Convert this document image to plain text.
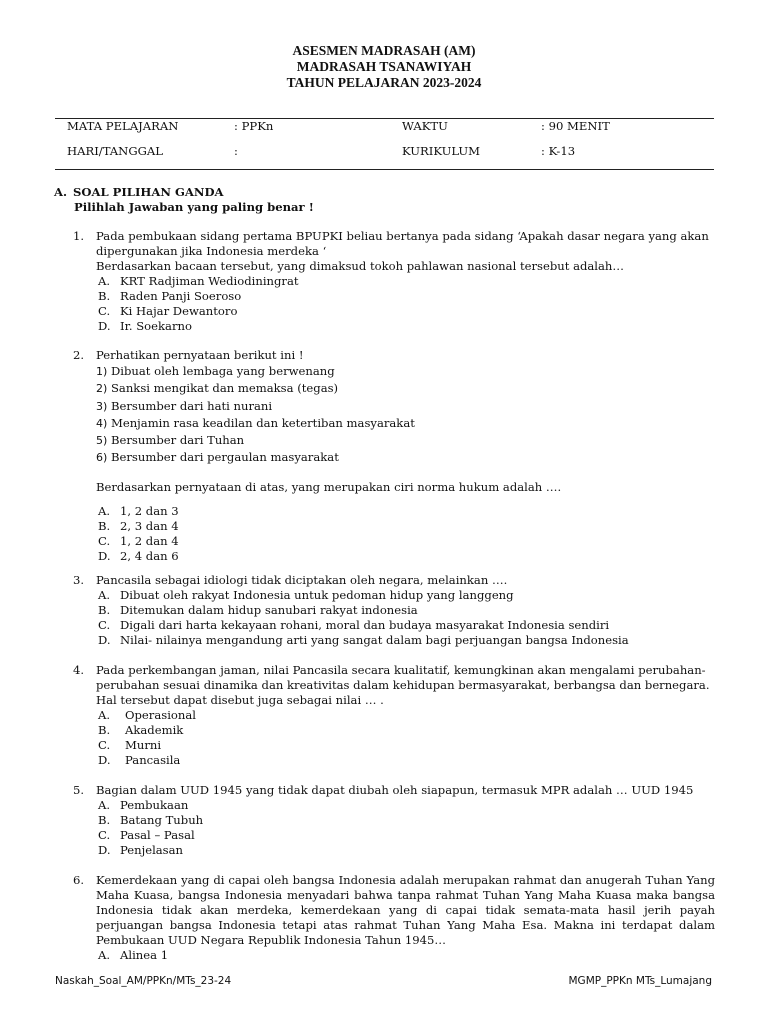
ASESMEN MADRASAH (AM)
MADRASAH TSANAWIYAH
TAHUN PELAJARAN 2023-2024
MATA PELAJARAN	: PPKn	WAKTU	: 90 MENIT
HARI/TANGGAL	:	KURIKULUM	: K-13
A. SOAL PILIHAN GANDA
Pilihlah Jawaban yang paling benar !
1. Pada pembukaan sidang pertama BPUPKI beliau bertanya pada sidang ‘Apakah dasar negara yang akan

dipergunakan jika Indonesia merdeka ‘

Berdasarkan bacaan tersebut, yang dimaksud tokoh pahlawan nasional tersebut adalah…

A. KRT Radjiman Wediodiningrat
B. Raden Panji Soeroso
C. Ki Hajar Dewantoro
D. Ir. Soekarno
2. Perhatikan pernyataan berikut ini !

1) Dibuat oleh lembaga yang berwenang
2) Sanksi mengikat dan memaksa (tegas)
3) Bersumber dari hati nurani
4) Menjamin rasa keadilan dan ketertiban masyarakat
5) Bersumber dari Tuhan
6) Bersumber dari pergaulan masyarakat

Berdasarkan pernyataan di atas, yang merupakan ciri norma hukum adalah ….

A. 1, 2 dan 3
B. 2, 3 dan 4
C. 1, 2 dan 4
D. 2, 4 dan 6
3. Pancasila sebagai idiologi tidak diciptakan oleh negara, melainkan ….

A. Dibuat oleh rakyat Indonesia untuk pedoman hidup yang langgeng
B. Ditemukan dalam hidup sanubari rakyat indonesia
C. Digali dari harta kekayaan rohani, moral dan budaya masyarakat Indonesia sendiri
D. Nilai- nilainya mengandung arti yang sangat dalam bagi perjuangan bangsa Indonesia
4. Pada perkembangan jaman, nilai Pancasila secara kualitatif, kemungkinan akan mengalami perubahan-

perubahan sesuai dinamika dan kreativitas dalam kehidupan bermasyarakat, berbangsa dan bernegara.

Hal tersebut dapat disebut juga sebagai nilai … .

A. Operasional
B. Akademik
C. Murni
D. Pancasila
5. Bagian dalam UUD 1945 yang tidak dapat diubah oleh siapapun, termasuk MPR adalah … UUD 1945

A. Pembukaan
B. Batang Tubuh
C. Pasal – Pasal
D. Penjelasan
6. Kemerdekaan yang di capai oleh bangsa Indonesia adalah merupakan rahmat dan anugerah Tuhan Yang Maha Kuasa, bangsa Indonesia menyadari bahwa tanpa rahmat Tuhan Yang Maha Kuasa maka bangsa Indonesia tidak akan merdeka, kemerdekaan yang di capai tidak semata-mata hasil jerih payah perjuangan bangsa Indonesia tetapi atas rahmat Tuhan Yang Maha Esa. Makna ini terdapat dalam Pembukaan UUD Negara Republik Indonesia Tahun 1945…

A. Alinea 1
Naskah_Soal_AM/PPKn/MTs_23-24	MGMP_PPKn MTs_Lumajang
